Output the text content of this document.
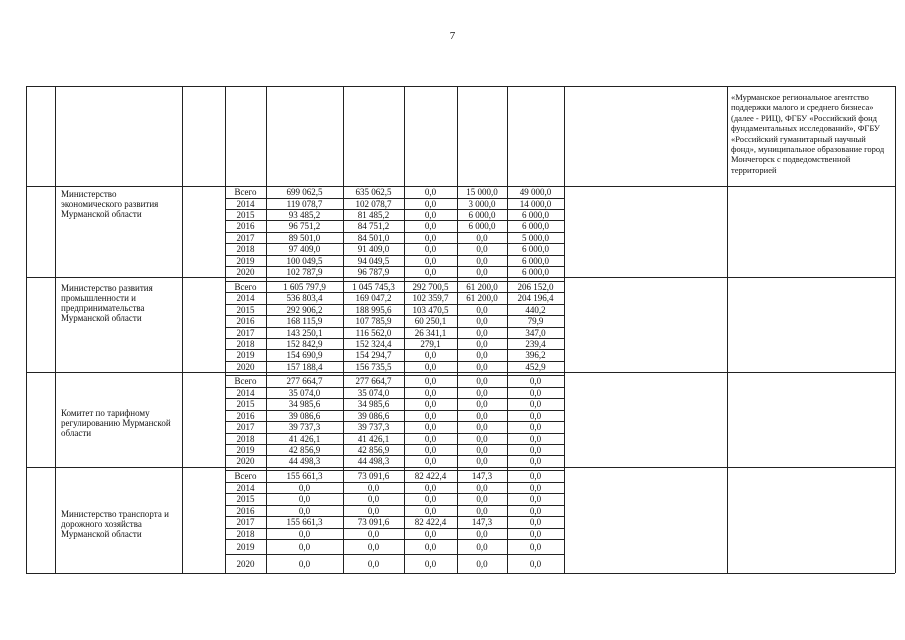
7
«Мурманское региональное агентство поддержки малого и среднего бизнеса» (далее - РИЦ), ФГБУ «Российский фонд фундаментальных исследований», ФГБУ «Российский гуманитарный научный фонд», муниципальное образование город Мончегорск с подведомственной территорией
Министерство экономического развития Мурманской области
Всего	699 062,5	635 062,5	0,0	15 000,0	49 000,0
2014	119 078,7	102 078,7	0,0	3 000,0	14 000,0
2015	93 485,2	81 485,2	0,0	6 000,0	6 000,0
2016	96 751,2	84 751,2	0,0	6 000,0	6 000,0
2017	89 501,0	84 501,0	0,0	0,0	5 000,0
2018	97 409,0	91 409,0	0,0	0,0	6 000,0
2019	100 049,5	94 049,5	0,0	0,0	6 000,0
2020	102 787,9	96 787,9	0,0	0,0	6 000,0
Министерство развития промышленности и предпринимательства Мурманской области
Всего	1 605 797,9	1 045 745,3	292 700,5	61 200,0	206 152,0
2014	536 803,4	169 047,2	102 359,7	61 200,0	204 196,4
2015	292 906,2	188 995,6	103 470,5	0,0	440,2
2016	168 115,9	107 785,9	60 250,1	0,0	79,9
2017	143 250,1	116 562,0	26 341,1	0,0	347,0
2018	152 842,9	152 324,4	279,1	0,0	239,4
2019	154 690,9	154 294,7	0,0	0,0	396,2
2020	157 188,4	156 735,5	0,0	0,0	452,9
Комитет по тарифному регулированию Мурманской области
Всего	277 664,7	277 664,7	0,0	0,0	0,0
2014	35 074,0	35 074,0	0,0	0,0	0,0
2015	34 985,6	34 985,6	0,0	0,0	0,0
2016	39 086,6	39 086,6	0,0	0,0	0,0
2017	39 737,3	39 737,3	0,0	0,0	0,0
2018	41 426,1	41 426,1	0,0	0,0	0,0
2019	42 856,9	42 856,9	0,0	0,0	0,0
2020	44 498,3	44 498,3	0,0	0,0	0,0
Министерство транспорта и дорожного хозяйства Мурманской области
Всего	155 661,3	73 091,6	82 422,4	147,3	0,0
2014	0,0	0,0	0,0	0,0	0,0
2015	0,0	0,0	0,0	0,0	0,0
2016	0,0	0,0	0,0	0,0	0,0
2017	155 661,3	73 091,6	82 422,4	147,3	0,0
2018	0,0	0,0	0,0	0,0	0,0
2019	0,0	0,0	0,0	0,0	0,0
2020	0,0	0,0	0,0	0,0	0,0
